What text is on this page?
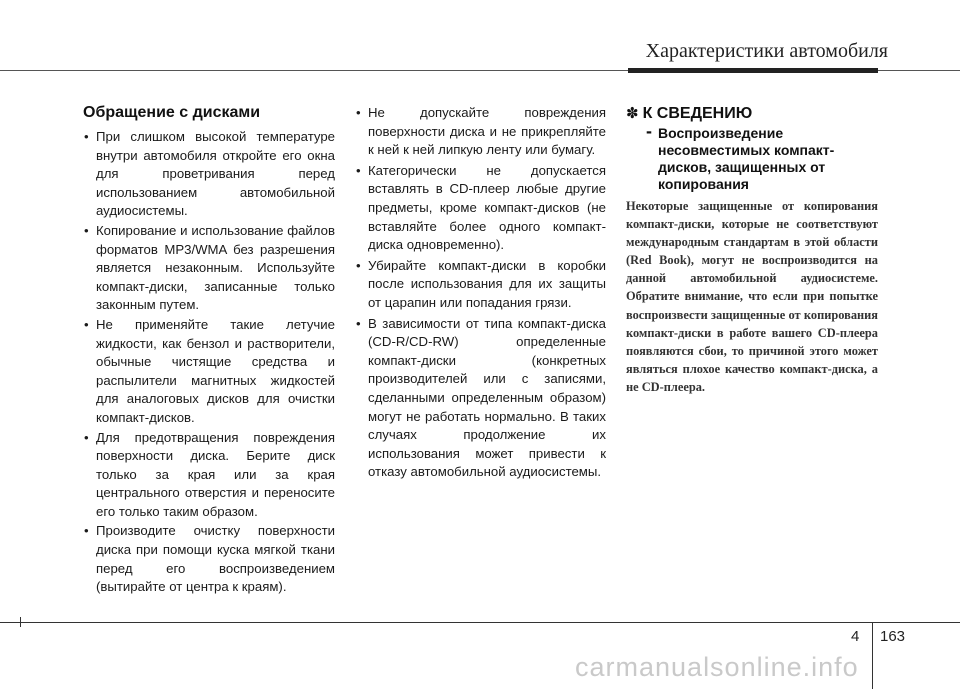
Характеристики автомобиля
Обращение с дисками
• При слишком высокой температуре внутри автомобиля откройте его окна для проветривания перед использованием автомобильной аудиосистемы.
• Копирование и использование файлов форматов MP3/WMA без разрешения является незаконным. Используйте компакт-диски, записанные только законным путем.
• Не применяйте такие летучие жидкости, как бензол и растворители, обычные чистящие средства и распылители магнитных жидкостей для аналоговых дисков для очистки компакт-дисков.
• Для предотвращения повреждения поверхности диска. Берите диск только за края или за края центрального отверстия и переносите его только таким образом.
• Производите очистку поверхности диска при помощи куска мягкой ткани перед его воспроизведением (вытирайте от центра к краям).
• Не допускайте повреждения поверхности диска и не прикрепляйте к ней к ней липкую ленту или бумагу.
• Категорически не допускается вставлять в CD-плеер любые другие предметы, кроме компакт-дисков (не вставляйте более одного компакт-диска одновременно).
• Убирайте компакт-диски в коробки после использования для их защиты от царапин или попадания грязи.
• В зависимости от типа компакт-диска (CD-R/CD-RW) определенные компакт-диски (конкретных производителей или с записями, сделанными определенным образом) могут не работать нормально. В таких случаях продолжение их использования может привести к отказу автомобильной аудиосистемы.
✽ К СВЕДЕНИЮ
- Воспроизведение несовместимых компакт-дисков, защищенных от копирования

Некоторые защищенные от копирования компакт-диски, которые не соответствуют международным стандартам в этой области (Red Book), могут не воспроизводится на данной автомобильной аудиосистеме. Обратите внимание, что если при попытке воспроизвести защищенные от копирования компакт-диски в работе вашего CD-плеера появляются сбои, то причиной этого может являться плохое качество компакт-диска, а не CD-плеера.

4 163
carmanualsonline.info
